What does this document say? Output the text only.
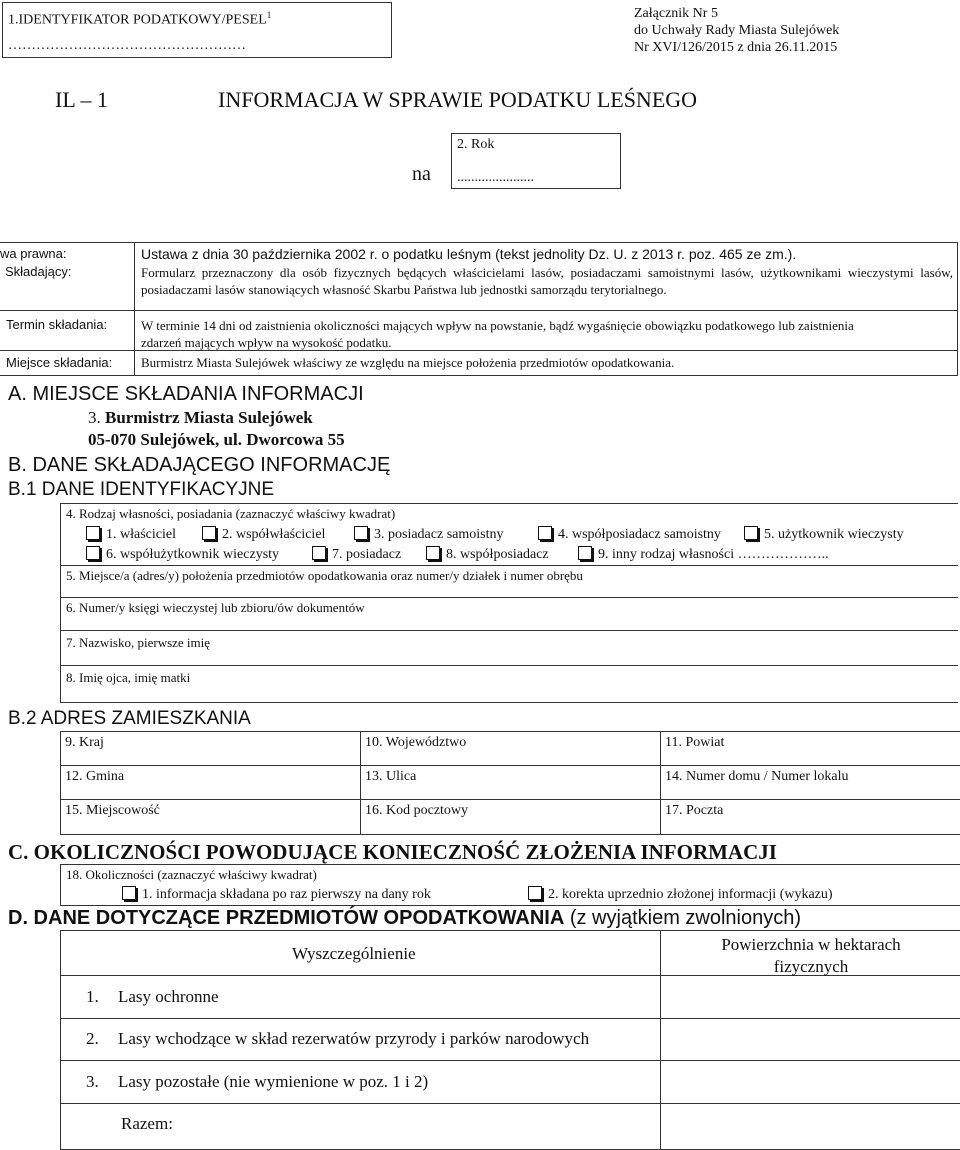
1.IDENTYFIKATOR PODATKOWY/PESEL$^1$
……………………………………………
Załącznik Nr 5
do Uchwały Rady Miasta Sulejówek
Nr XVI/126/2015 z dnia 26.11.2015
IL – 1	INFORMACJA W SPRAWIE PODATKU LEŚNEGO
na
2. Rok
......................
wa prawna:	Ustawa z dnia 30 października 2002 r. o podatku leśnym (tekst jednolity Dz. U. z 2013 r. poz. 465 ze zm.).
Składający:	Formularz przeznaczony dla osób fizycznych będących właścicielami lasów, posiadaczami samoistnymi lasów, użytkownikami wieczystymi lasów, posiadaczami lasów stanowiących własność Skarbu Państwa lub jednostki samorządu terytorialnego.
Termin składania:	W terminie 14 dni od zaistnienia okoliczności mających wpływ na powstanie, bądź wygaśnięcie obowiązku podatkowego lub zaistnienia zdarzeń mających wpływ na wysokość podatku.
Miejsce składania: Burmistrz Miasta Sulejówek właściwy ze względu na miejsce położenia przedmiotów opodatkowania.
A. MIEJSCE SKŁADANIA INFORMACJI
3. Burmistrz Miasta Sulejówek
05-070 Sulejówek, ul. Dworcowa 55
B. DANE SKŁADAJĄCEGO INFORMACJĘ
B.1 DANE IDENTYFIKACYJNE
4. Rodzaj własności, posiadania (zaznaczyć właściwy kwadrat)
1. właściciel	2. współwłaściciel	3. posiadacz samoistny	4. współposiadacz samoistny	5. użytkownik wieczysty
6. współużytkownik wieczysty	7. posiadacz	8. współposiadacz	9. inny rodzaj własności ………………..
5. Miejsce/a (adres/y) położenia przedmiotów opodatkowania oraz numer/y działek i numer obrębu
6. Numer/y księgi wieczystej lub zbioru/ów dokumentów
7. Nazwisko, pierwsze imię
8. Imię ojca, imię matki
B.2 ADRES ZAMIESZKANIA
9. Kraj	10. Województwo	11. Powiat
12. Gmina	13. Ulica	14. Numer domu / Numer lokalu
15. Miejscowość	16. Kod pocztowy	17. Poczta
C. OKOLICZNOŚCI POWODUJĄCE KONIECZNOŚĆ ZŁOŻENIA INFORMACJI
18. Okoliczności (zaznaczyć właściwy kwadrat)
1. informacja składana po raz pierwszy na dany rok	2. korekta uprzednio złożonej informacji (wykazu)
D. DANE DOTYCZĄCE PRZEDMIOTÓW OPODATKOWANIA (z wyjątkiem zwolnionych)
Wyszczególnienie	Powierzchnia w hektarach
fizycznych
1. Lasy ochronne
2. Lasy wchodzące w skład rezerwatów przyrody i parków narodowych
3. Lasy pozostałe (nie wymienione w poz. 1 i 2)
Razem:
